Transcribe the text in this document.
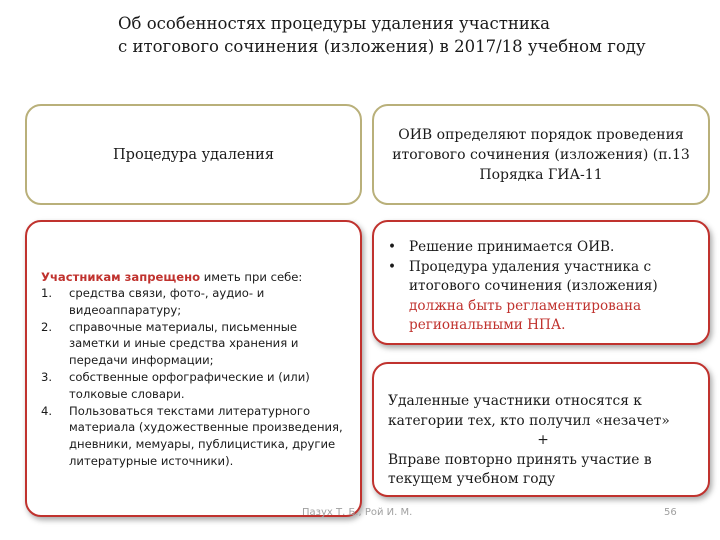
Об особенностях процедуры удаления участника
с итогового сочинения (изложения) в 2017/18 учебном году
Процедура удаления
ОИВ определяют порядок проведения итогового сочинения (изложения) (п.13 Порядка ГИА-11
Участникам запрещено иметь при себе:
1. средства связи, фото-, аудио- и видеоаппаратуру;
2. справочные материалы, письменные заметки и иные средства хранения и передачи информации;
3. собственные орфографические и (или) толковые словари.
4. Пользоваться текстами литературного материала (художественные произведения, дневники, мемуары, публицистика, другие литературные источники).
• Решение принимается ОИВ.
• Процедура удаления участника с итогового сочинения (изложения) должна быть регламентирована региональными НПА.
Удаленные участники относятся к категории тех, кто получил «незачет»
+
Вправе повторно принять участие в текущем учебном году
Пазух Т. Б., Рой И. М.	56
